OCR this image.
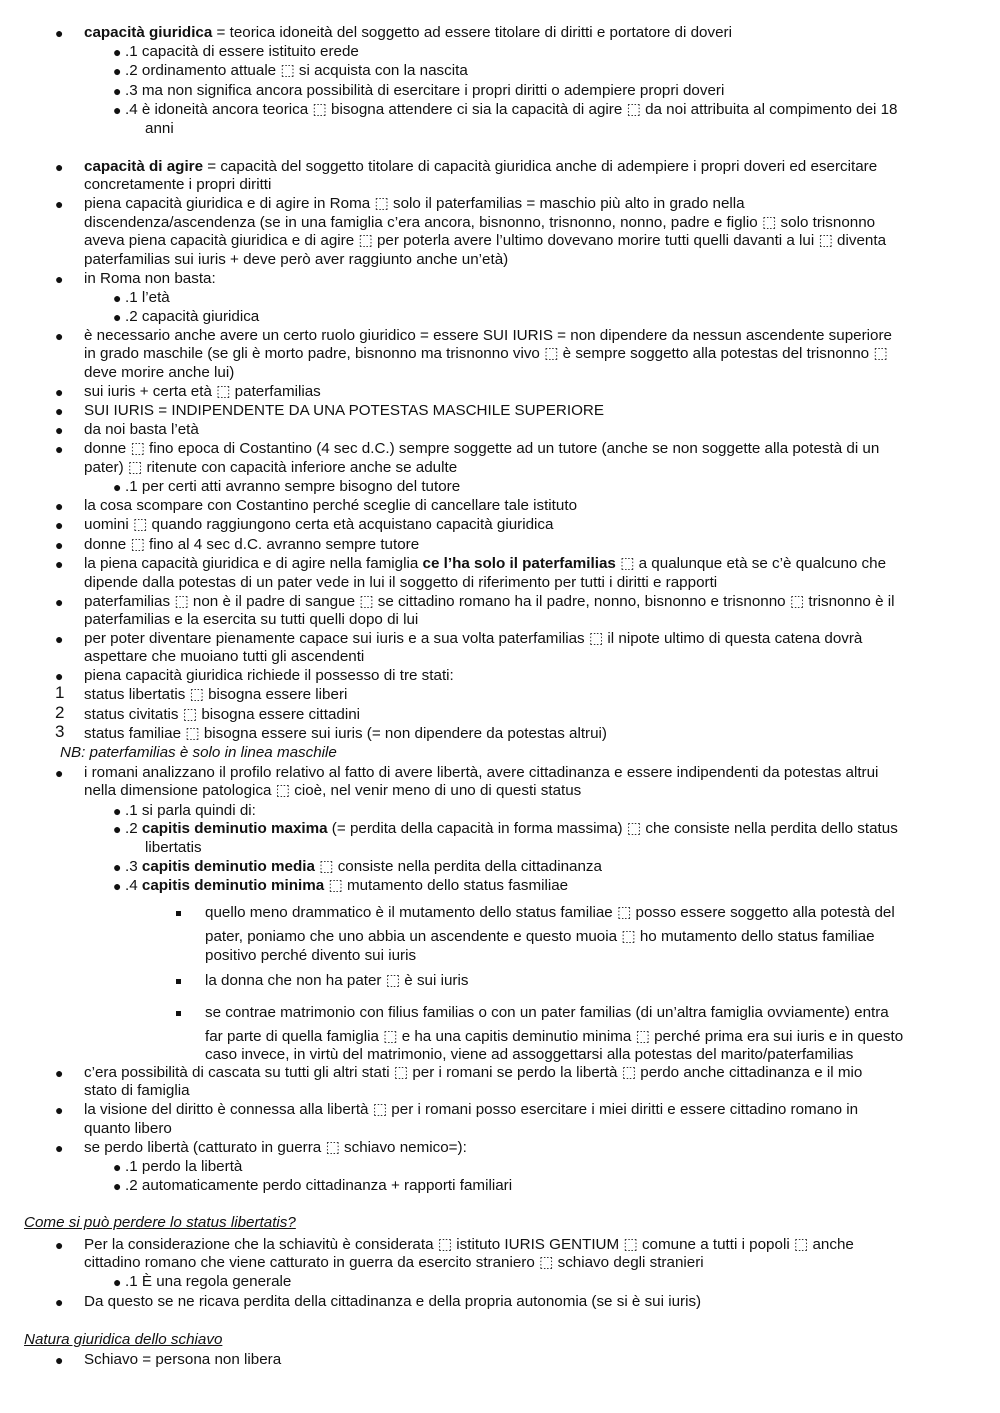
● capacità giuridica = teorica idoneità del soggetto ad essere titolare di diritti e portatore di doveri
● .1 capacità di essere istituito erede
● .2 ordinamento attuale ⬚ si acquista con la nascita
● .3 ma non significa ancora possibilità di esercitare i propri diritti o adempiere propri doveri
● .4 è idoneità ancora teorica ⬚ bisogna attendere ci sia la capacità di agire ⬚ da noi attribuita al compimento dei 18
anni
● capacità di agire = capacità del soggetto titolare di capacità giuridica anche di adempiere i propri doveri ed esercitare
concretamente i propri diritti
● piena capacità giuridica e di agire in Roma ⬚ solo il paterfamilias = maschio più alto in grado nella
discendenza/ascendenza (se in una famiglia c’era ancora, bisnonno, trisnonno, nonno, padre e figlio ⬚ solo trisnonno
aveva piena capacità giuridica e di agire ⬚ per poterla avere l’ultimo dovevano morire tutti quelli davanti a lui ⬚ diventa
paterfamilias sui iuris + deve però aver raggiunto anche un’età)
● in Roma non basta:
● .1 l’età
● .2 capacità giuridica
● è necessario anche avere un certo ruolo giuridico = essere SUI IURIS = non dipendere da nessun ascendente superiore
in grado maschile (se gli è morto padre, bisnonno ma trisnonno vivo ⬚ è sempre soggetto alla potestas del trisnonno ⬚
deve morire anche lui)
● sui iuris + certa età ⬚ paterfamilias
● SUI IURIS = INDIPENDENTE DA UNA POTESTAS MASCHILE SUPERIORE
● da noi basta l’età
● donne ⬚ fino epoca di Costantino (4 sec d.C.) sempre soggette ad un tutore (anche se non soggette alla potestà di un
pater) ⬚ ritenute con capacità inferiore anche se adulte
● .1 per certi atti avranno sempre bisogno del tutore
● la cosa scompare con Costantino perché sceglie di cancellare tale istituto
● uomini ⬚ quando raggiungono certa età acquistano capacità giuridica
● donne ⬚ fino al 4 sec d.C. avranno sempre tutore
● la piena capacità giuridica e di agire nella famiglia ce l’ha solo il paterfamilias ⬚ a qualunque età se c’è qualcuno che
dipende dalla potestas di un pater vede in lui il soggetto di riferimento per tutti i diritti e rapporti
● paterfamilias ⬚ non è il padre di sangue ⬚ se cittadino romano ha il padre, nonno, bisnonno e trisnonno ⬚ trisnonno è il
paterfamilias e la esercita su tutti quelli dopo di lui
● per poter diventare pienamente capace sui iuris e a sua volta paterfamilias ⬚ il nipote ultimo di questa catena dovrà
aspettare che muoiano tutti gli ascendenti
● piena capacità giuridica richiede il possesso di tre stati:
1 status libertatis ⬚ bisogna essere liberi
2 status civitatis ⬚ bisogna essere cittadini
3 status familiae ⬚ bisogna essere sui iuris (= non dipendere da potestas altrui)
NB: paterfamilias è solo in linea maschile
● i romani analizzano il profilo relativo al fatto di avere libertà, avere cittadinanza e essere indipendenti da potestas altrui
nella dimensione patologica ⬚ cioè, nel venir meno di uno di questi status
● .1 si parla quindi di:
● .2 capitis deminutio maxima (= perdita della capacità in forma massima) ⬚ che consiste nella perdita dello status
libertatis
● .3 capitis deminutio media ⬚ consiste nella perdita della cittadinanza
● .4 capitis deminutio minima ⬚ mutamento dello status fasmiliae
quello meno drammatico è il mutamento dello status familiae ⬚ posso essere soggetto alla potestà del
pater, poniamo che uno abbia un ascendente e questo muoia ⬚ ho mutamento dello status familiae
positivo perché divento sui iuris
la donna che non ha pater ⬚ è sui iuris
se contrae matrimonio con filius familias o con un pater familias (di un’altra famiglia ovviamente) entra
far parte di quella famiglia ⬚ e ha una capitis deminutio minima ⬚ perché prima era sui iuris e in questo
caso invece, in virtù del matrimonio, viene ad assoggettarsi alla potestas del marito/paterfamilias
● c’era possibilità di cascata su tutti gli altri stati ⬚ per i romani se perdo la libertà ⬚ perdo anche cittadinanza e il mio
stato di famiglia
● la visione del diritto è connessa alla libertà ⬚ per i romani posso esercitare i miei diritti e essere cittadino romano in
quanto libero
● se perdo libertà (catturato in guerra ⬚ schiavo nemico=):
● .1 perdo la libertà
● .2 automaticamente perdo cittadinanza + rapporti familiari
Come si può perdere lo status libertatis?
● Per la considerazione che la schiavitù è considerata ⬚ istituto IURIS GENTIUM ⬚ comune a tutti i popoli ⬚ anche
cittadino romano che viene catturato in guerra da esercito straniero ⬚ schiavo degli stranieri
● .1 È una regola generale
● Da questo se ne ricava perdita della cittadinanza e della propria autonomia (se si è sui iuris)
Natura giuridica dello schiavo
● Schiavo = persona non libera
